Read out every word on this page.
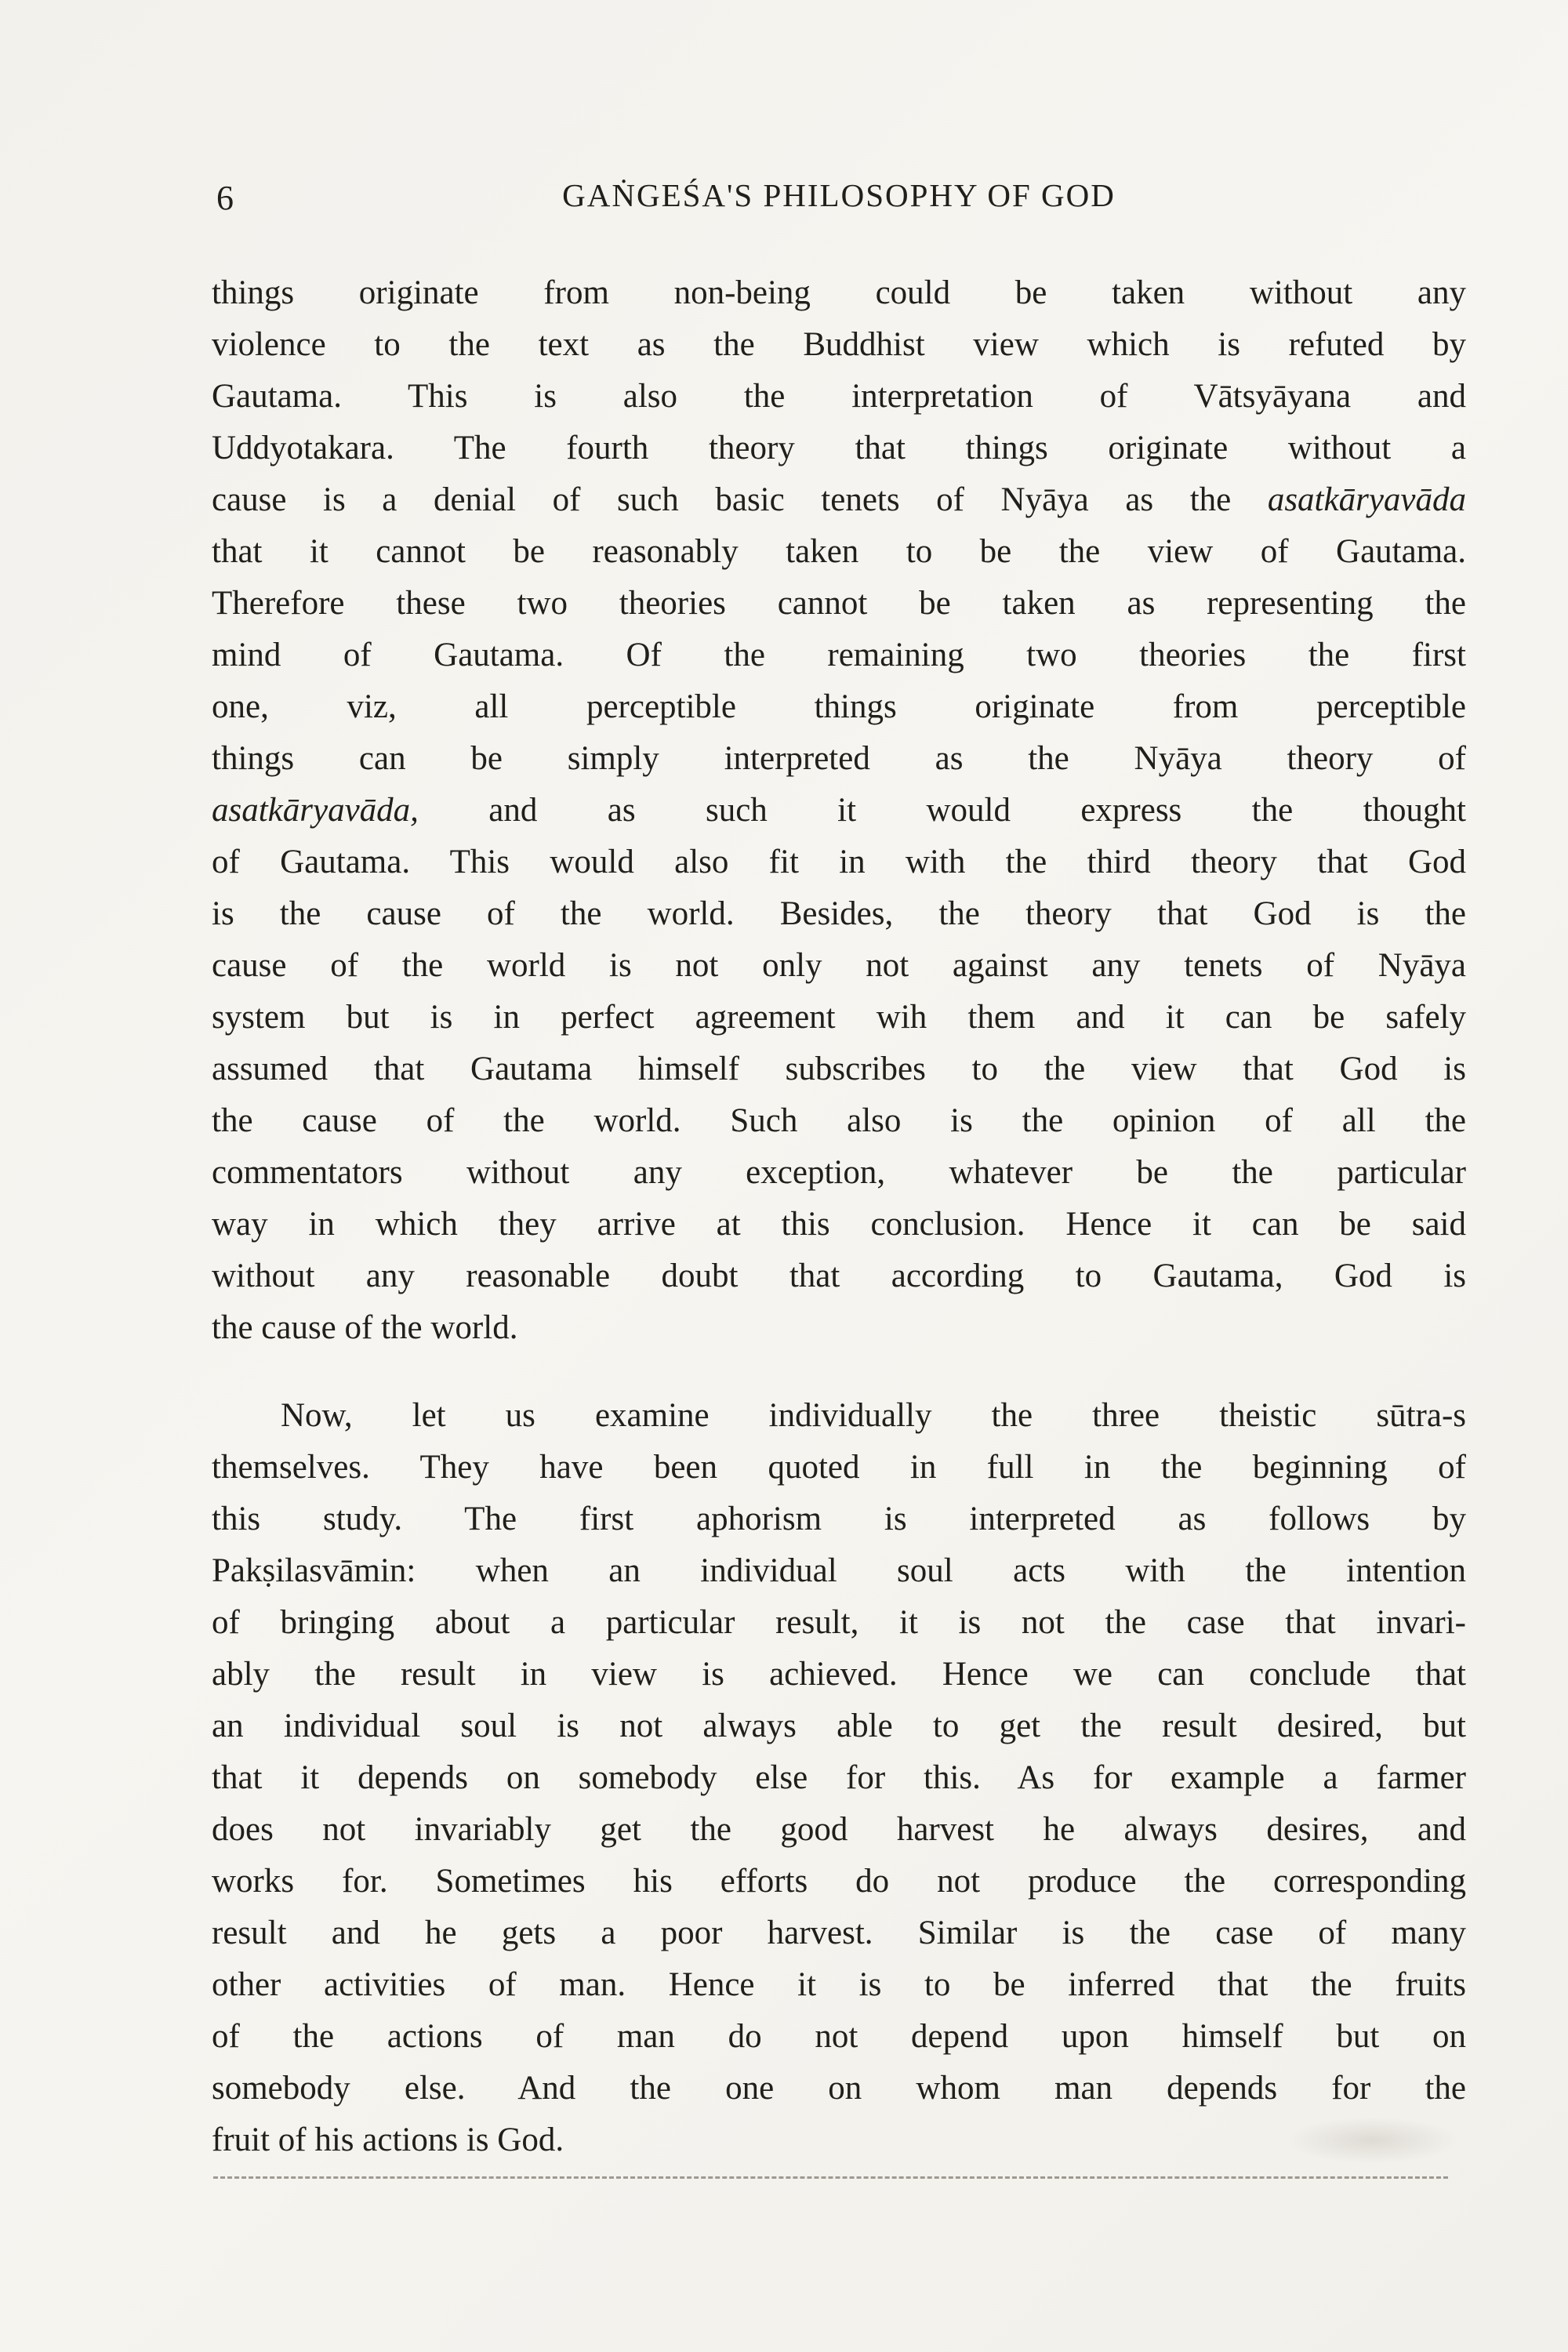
6	GAṄGEŚA'S PHILOSOPHY OF GOD
things originate from non-being could be taken without any
violence to the text as the Buddhist view which is refuted by
Gautama. This is also the interpretation of Vātsyāyana and
Uddyotakara. The fourth theory that things originate without a
cause is a denial of such basic tenets of Nyāya as the asatkāryavāda
that it cannot be reasonably taken to be the view of Gautama.
Therefore these two theories cannot be taken as representing the
mind of Gautama. Of the remaining two theories the first
one, viz, all perceptible things originate from perceptible
things can be simply interpreted as the Nyāya theory of
asatkāryavāda, and as such it would express the thought
of Gautama. This would also fit in with the third theory that God
is the cause of the world. Besides, the theory that God is the
cause of the world is not only not against any tenets of Nyāya
system but is in perfect agreement wih them and it can be safely
assumed that Gautama himself subscribes to the view that God is
the cause of the world. Such also is the opinion of all the
commentators without any exception, whatever be the particular
way in which they arrive at this conclusion. Hence it can be said
without any reasonable doubt that according to Gautama, God is
the cause of the world.
Now, let us examine individually the three theistic sūtra-s
themselves. They have been quoted in full in the beginning of
this study. The first aphorism is interpreted as follows by
Pakṣilasvāmin: when an individual soul acts with the intention
of bringing about a particular result, it is not the case that invari-
ably the result in view is achieved. Hence we can conclude that
an individual soul is not always able to get the result desired, but
that it depends on somebody else for this. As for example a farmer
does not invariably get the good harvest he always desires, and
works for. Sometimes his efforts do not produce the corresponding
result and he gets a poor harvest. Similar is the case of many
other activities of man. Hence it is to be inferred that the fruits
of the actions of man do not depend upon himself but on
somebody else. And the one on whom man depends for the
fruit of his actions is God.
